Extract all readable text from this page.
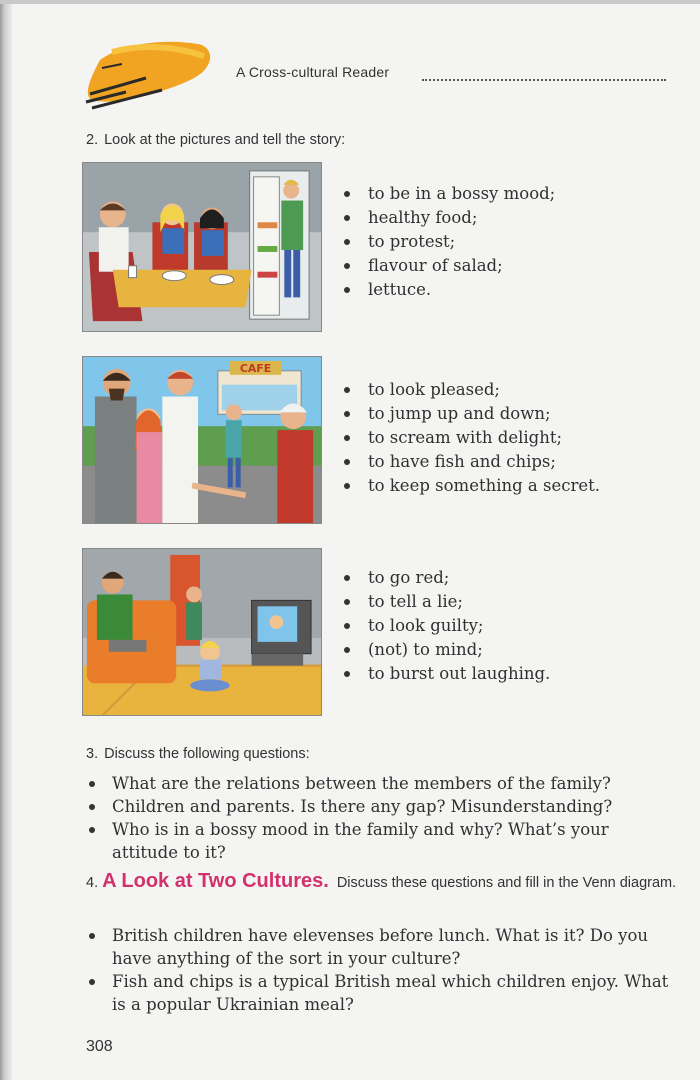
A Cross-cultural Reader
2. Look at the pictures and tell the story:
to be in a bossy mood;
healthy food;
to protest;
flavour of salad;
lettuce.
CAFE
to look pleased;
to jump up and down;
to scream with delight;
to have fish and chips;
to keep something a secret.
to go red;
to tell a lie;
to look guilty;
(not) to mind;
to burst out laughing.
3. Discuss the following questions:
What are the relations between the members of the family?
Children and parents. Is there any gap? Misunderstanding?
Who is in a bossy mood in the family and why? What’s your attitude to it?
4. A Look at Two Cultures. Discuss these questions and fill in the Venn diagram.
British children have elevenses before lunch. What is it? Do you have anything of the sort in your culture?
Fish and chips is a typical British meal which children enjoy. What is a popular Ukrainian meal?
308
